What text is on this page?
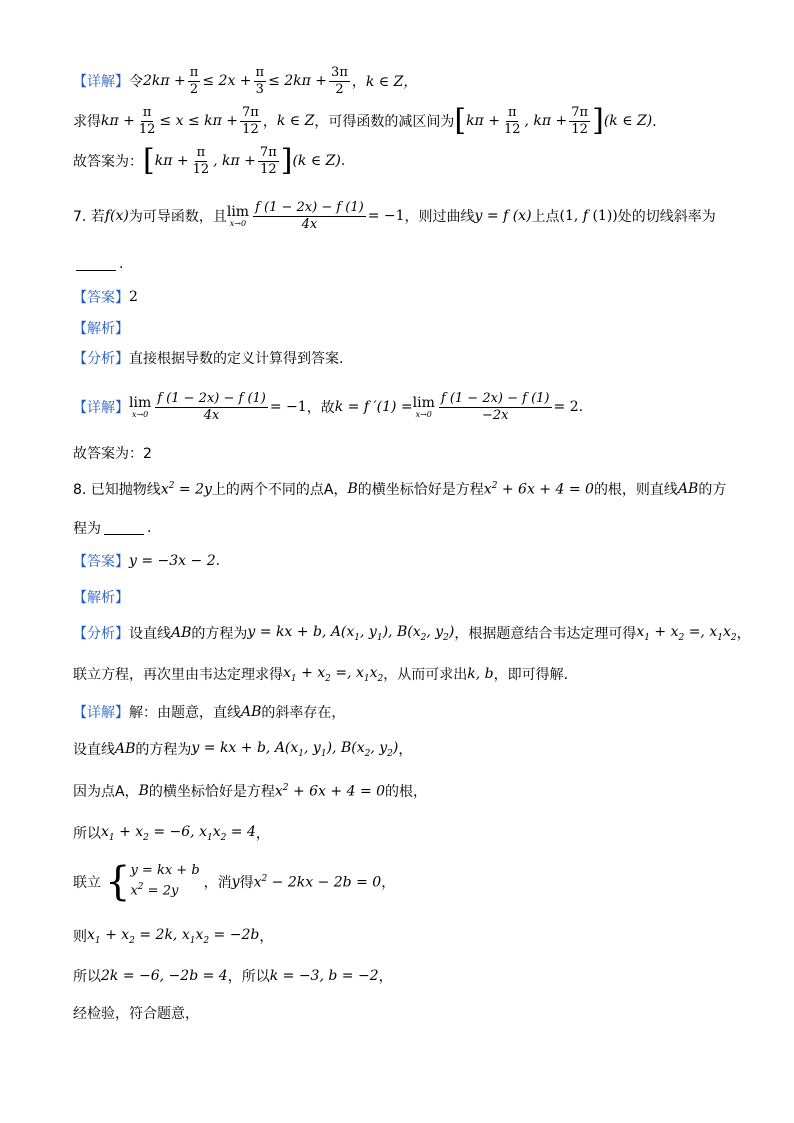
【详解】 令 $2k\pi + \frac{\pi}{2} \le 2x + \frac{\pi}{3} \le 2k\pi + \frac{3\pi}{2}$ ， k ∈ Z，
求得 $k\pi + \frac{\pi}{12} \le x \le k\pi + \frac{7\pi}{12}$ ， k ∈ Z ，可得函数的减区间为 [ $k\pi + \frac{\pi}{12}$ , $k\pi + \frac{7\pi}{12}$ ] (k ∈ Z) ．
故答案为： [ $k\pi + \frac{\pi}{12}$ , $k\pi + \frac{7\pi}{12}$ ] (k ∈ Z) .
7. 若 f(x) 为可导函数，且 lim
$x\to 0 \frac{f (1 - 2x) - f (1)}{4x} = -1$ ，则过曲线 y = f (x) 上点 (1, f (1)) 处的切线斜率为
.
【答案】 2
【解析】
【分析】 直接根据导数的定义计算得到答案.
【详解】 lim
$x\to 0 \frac{f (1 - 2x) - f (1)}{4x} = -1$ ，故 k = f ′(1) = lim
$x\to 0 \frac{f (1 - 2x) - f (1)}{-2x} = 2$.
故答案为：2
8. 已知抛物线 $x^2 = 2y$ 上的两个不同的点A， B 的横坐标恰好是方程 $x^2 + 6x + 4 = 0$ 的根，则直线 AB 的方
程为	.
【答案】 y = −3x − 2 .
【解析】
【分析】 设直线 AB 的方程为 y = kx + b, $A(x_1$, $y_1$), $B(x_2$, $y_2$) ，根据题意结合韦达定理可得 $x_1 + x_2$ =, $x_1x_2$ ，
联立方程，再次里由韦达定理求得 $x_1 + x_2$ =, $x_1x_2$ ，从而可求出 k, b ，即可得解.
【详解】 解：由题意，直线 AB 的斜率存在，
设直线 AB 的方程为 y = kx + b, $A(x_1$, $y_1$), $B(x_2$, $y_2$) ，
因为点A， B 的横坐标恰好是方程 $x^2 + 6x + 4 = 0$ 的根，
所以 $x_1 + x_2 = -6$, $x_1x_2 = 4$ ，
联立 { y = kx + b
$x^2 = 2y$
，消 y 得 $x^2 - 2kx - 2b = 0$ ，
则 $x_1 + x_2 = 2k$, $x_1x_2 = -2b$ ，
所以 2k = −6, −2b = 4 ，所以 k = −3, b = −2 ，
经检验，符合题意，
